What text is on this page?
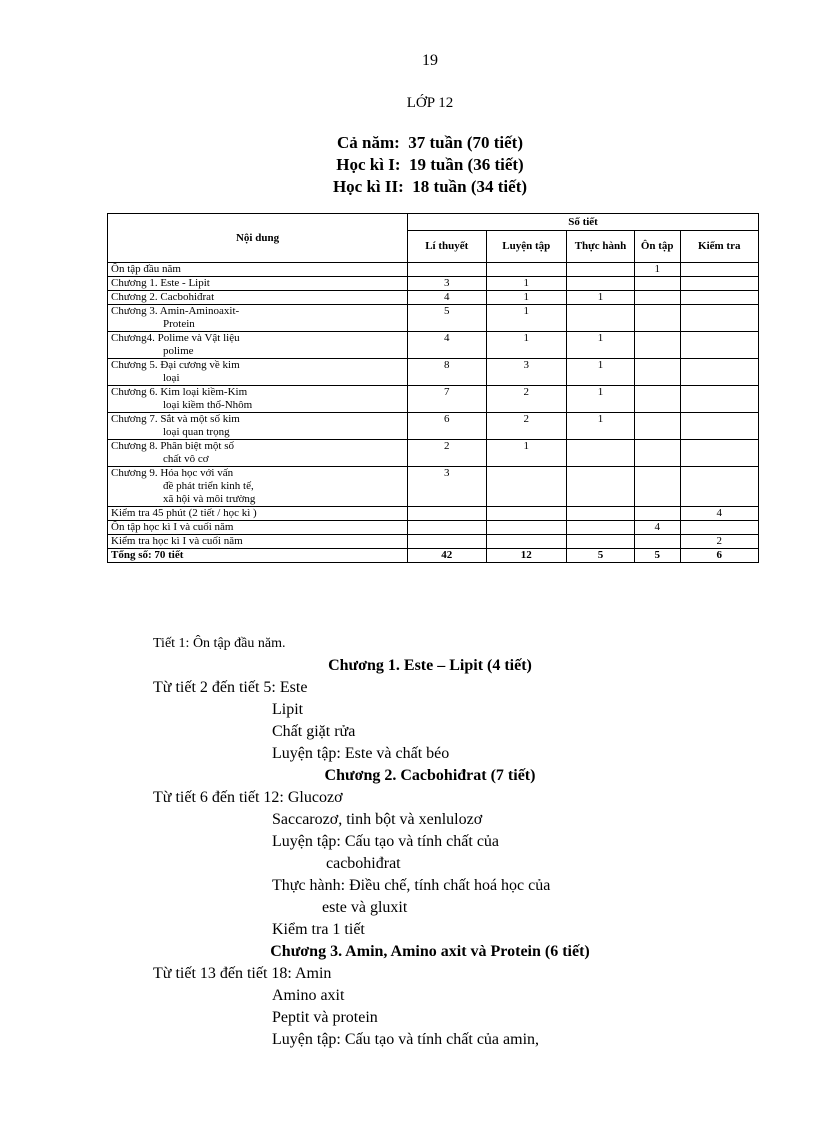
19
LỚP 12
Cả năm:  37 tuần (70 tiết)
Học kì I:  19 tuần (36 tiết)
Học kì II:  18 tuần (34 tiết)
Nội dung	Số tiết				
	Lí thuyết	Luyện tập	Thực hành	Ôn tập	Kiểm tra

Ôn tập đầu năm				1	

Chương 1. Este - Lipit	3	1			

Chương 2. Cacbohiđrat	4	1	1		

Chương 3. Amin-Aminoaxit-
Protein	5	1			

Chương4. Polime và Vật liệu
polime	4	1	1		

Chương 5. Đại cương về kim
loại	8	3	1		

Chương 6. Kim loại kiềm-Kim
loại kiềm thổ-Nhôm	7	2	1		

Chương 7. Sắt và một số kim
loại quan trọng	6	2	1		

Chương 8. Phân biệt một số
chất vô cơ	2	1			

Chương 9. Hóa học với vấn
đề phát triển kinh tế,
xã hội và môi trường	3				

Kiểm tra 45 phút (2 tiết / học kì )					4

Ôn tập học kì I và cuối năm				4	

Kiểm tra học kì I và cuối năm					2
Tổng số: 70 tiết	42	12	5	5	6
Tiết 1: Ôn tập đầu năm.
Chương 1. Este – Lipit (4 tiết)
Từ tiết 2 đến tiết 5: Este
Lipit
Chất giặt rửa
Luyện tập: Este và chất béo
Chương 2. Cacbohiđrat (7 tiết)
Từ tiết 6 đến tiết 12: Glucozơ
Saccarozơ, tinh bột và xenlulozơ
Luyện tập: Cấu tạo và tính chất của
cacbohiđrat
Thực hành: Điều chế, tính chất hoá học của
este và gluxit
Kiểm tra 1 tiết
Chương 3. Amin, Amino axit và Protein (6 tiết)
Từ tiết 13 đến tiết 18: Amin
Amino axit
Peptit và protein
Luyện tập: Cấu tạo và tính chất của amin,
